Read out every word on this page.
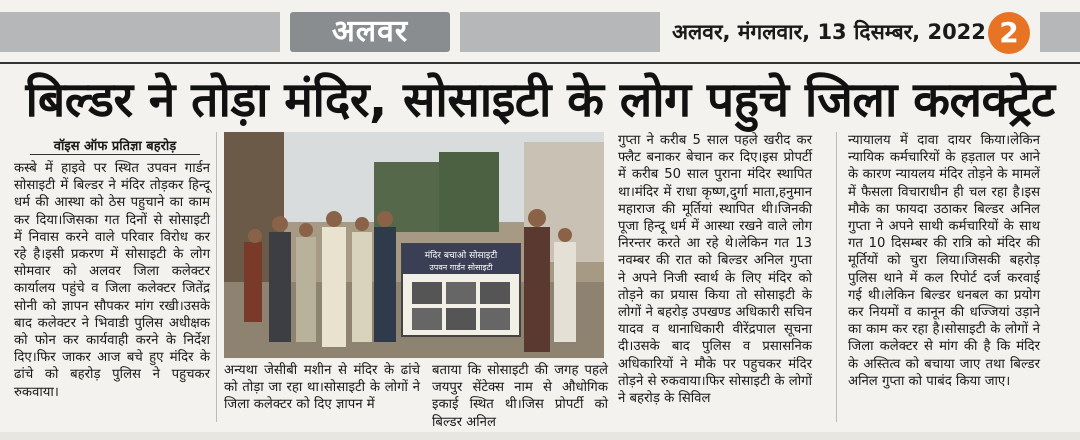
अलवर	अलवर, मंगलवार, 13 दिसम्बर, 2022 2
बिल्डर ने तोड़ा मंदिर, सोसाइटी के लोग पहुचे जिला कलक्ट्रेट
वॉइस ऑफ प्रतिज्ञा बहरोड़
कस्बे में हाइवे पर स्थित उपवन गार्डन सोसाइटी में बिल्डर ने मंदिर तोड़कर हिन्दू धर्म की आस्था को ठेस पहुचाने का काम कर दिया।जिसका गत दिनों से सोसाइटी में निवास करने वाले परिवार विरोध कर रहे है।इसी प्रकरण में सोसाइटी के लोग सोमवार को अलवर जिला कलेक्टर कार्यालय पहुंचे व जिला कलेक्टर जितेंद्र सोनी को ज्ञापन सौपकर मांग रखी।उसके बाद कलेक्टर ने भिवाडी पुलिस अधीक्षक को फोन कर कार्यवाही करने के निर्देश दिए।फिर जाकर आज बचे हुए मंदिर के ढांचे को बहरोड़ पुलिस ने पहुचकर रुकवाया।
मंदिर बचाओ सोसाइटी
उपवन गार्डन सोसाइटी
अन्यथा जेसीबी मशीन से मंदिर के ढांचे को तोड़ा जा रहा था।सोसाइटी के लोगों ने जिला कलेक्टर को दिए ज्ञापन में
बताया कि सोसाइटी की जगह पहले जयपुर सेंटेक्स नाम से औधोगिक इकाई स्थित थी।जिस प्रोपर्टी को बिल्डर अनिल
गुप्ता ने करीब 5 साल पहले खरीद कर फ्लैट बनाकर बेचान कर दिए।इस प्रोपर्टी में करीब 50 साल पुराना मंदिर स्थापित था।मंदिर में राधा कृष्ण,दुर्गा माता,हनुमान महाराज की मूर्तियां स्थापित थी।जिनकी पूजा हिन्दू धर्म में आस्था रखने वाले लोग निरन्तर करते आ रहे थे।लेकिन गत 13 नवम्बर की रात को बिल्डर अनिल गुप्ता ने अपने निजी स्वार्थ के लिए मंदिर को तोड़ने का प्रयास किया तो सोसाइटी के लोगों ने बहरोड़ उपखण्ड अधिकारी सचिन यादव व थानाधिकारी वीरेंद्रपाल सूचना दी।उसके बाद पुलिस व प्रसासनिक अधिकारियों ने मौके पर पहुचकर मंदिर तोड़ने से रुकवाया।फिर सोसाइटी के लोगों ने बहरोड़ के सिविल
न्यायालय में दावा दायर किया।लेकिन न्यायिक कर्मचारियों के हड़ताल पर आने के कारण न्यायलय मंदिर तोड़ने के मामलें में फैसला विचाराधीन ही चल रहा है।इस मौके का फायदा उठाकर बिल्डर अनिल गुप्ता ने अपने साथी कर्मचारियों के साथ गत 10 दिसम्बर की रात्रि को मंदिर की मूर्तियों को चुरा लिया।जिसकी बहरोड़ पुलिस थाने में कल रिपोर्ट दर्ज करवाई गई थी।लेकिन बिल्डर धनबल का प्रयोग कर नियमों व कानून की धज्जियां उड़ाने का काम कर रहा है।सोसाइटी के लोगों ने जिला कलेक्टर से मांग की है कि मंदिर के अस्तित्व को बचाया जाए तथा बिल्डर अनिल गुप्ता को पाबंद किया जाए।
